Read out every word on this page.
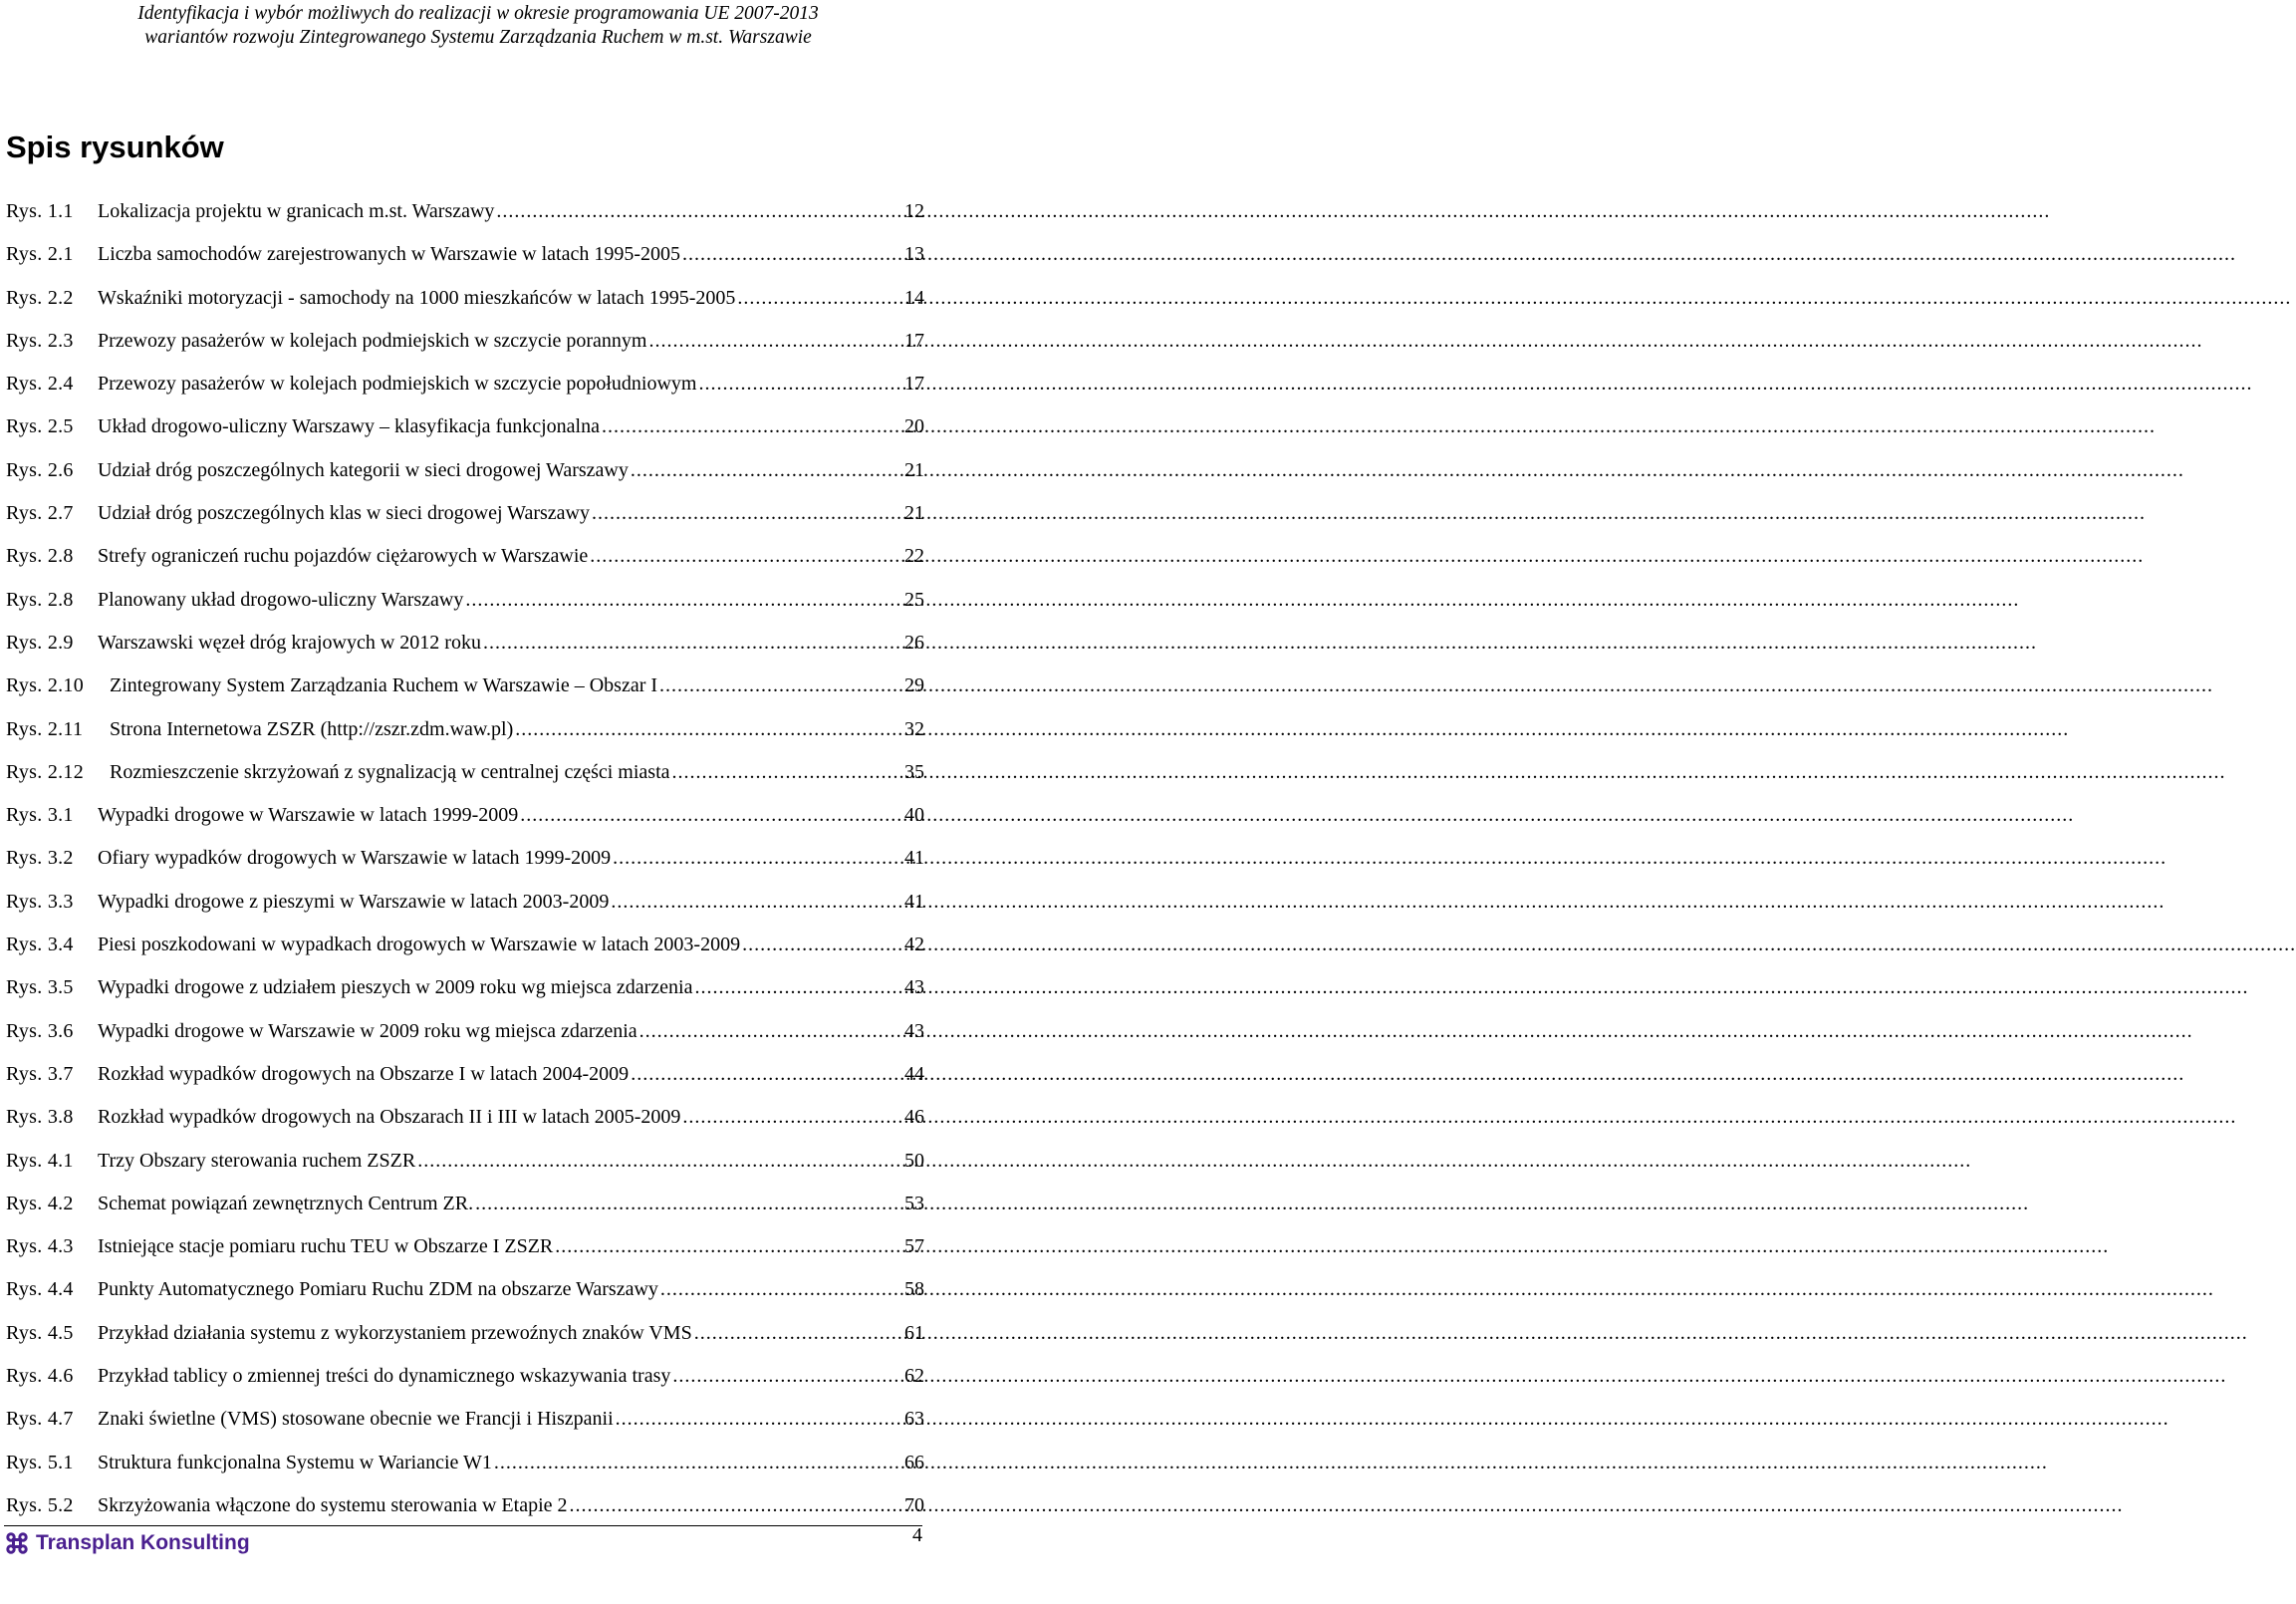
Identyfikacja i wybór możliwych do realizacji w okresie programowania UE 2007-2013
wariantów rozwoju Zintegrowanego Systemu Zarządzania Ruchem w m.st. Warszawie
Spis rysunków
Rys. 1.1	Lokalizacja projektu w granicach m.st. Warszawy .....	12
Rys. 2.1	Liczba samochodów zarejestrowanych w Warszawie w latach 1995-2005 .....	13
Rys. 2.2	Wskaźniki motoryzacji - samochody na 1000 mieszkańców w latach 1995-2005 .....	14
Rys. 2.3	Przewozy pasażerów w kolejach podmiejskich w szczycie porannym .....	17
Rys. 2.4	Przewozy pasażerów w kolejach podmiejskich w szczycie popołudniowym .....	17
Rys. 2.5	Układ drogowo-uliczny Warszawy – klasyfikacja funkcjonalna .....	20
Rys. 2.6	Udział dróg poszczególnych kategorii w sieci drogowej Warszawy .....	21
Rys. 2.7	Udział dróg poszczególnych klas w sieci drogowej Warszawy .....	21
Rys. 2.8	Strefy ograniczeń ruchu pojazdów ciężarowych w Warszawie .....	22
Rys. 2.8	Planowany układ drogowo-uliczny Warszawy .....	25
Rys. 2.9	Warszawski węzeł dróg krajowych w 2012 roku .....	26
Rys. 2.10	Zintegrowany System Zarządzania Ruchem w Warszawie – Obszar I .....	29
Rys. 2.11	Strona Internetowa ZSZR (http://zszr.zdm.waw.pl) .....	32
Rys. 2.12	Rozmieszczenie skrzyżowań z sygnalizacją w centralnej części miasta .....	35
Rys. 3.1	Wypadki drogowe w Warszawie w latach 1999-2009 .....	40
Rys. 3.2	Ofiary wypadków drogowych w Warszawie w latach 1999-2009 .....	41
Rys. 3.3	Wypadki drogowe z pieszymi w Warszawie w latach 2003-2009 .....	41
Rys. 3.4	Piesi poszkodowani w wypadkach drogowych w Warszawie w latach 2003-2009 .....	42
Rys. 3.5	Wypadki drogowe z udziałem pieszych w 2009 roku wg miejsca zdarzenia .....	43
Rys. 3.6	Wypadki drogowe w Warszawie w 2009 roku wg miejsca zdarzenia .....	43
Rys. 3.7	Rozkład wypadków drogowych na Obszarze I w latach 2004-2009 .....	44
Rys. 3.8	Rozkład wypadków drogowych na Obszarach II i III w latach 2005-2009 .....	46
Rys. 4.1	Trzy Obszary sterowania ruchem ZSZR .....	50
Rys. 4.2	Schemat powiązań zewnętrznych Centrum ZR. .....	53
Rys. 4.3	Istniejące stacje pomiaru ruchu TEU w Obszarze I ZSZR .....	57
Rys. 4.4	Punkty Automatycznego Pomiaru Ruchu ZDM na obszarze Warszawy .....	58
Rys. 4.5	Przykład działania systemu z wykorzystaniem przewoźnych znaków VMS .....	61
Rys. 4.6	Przykład tablicy o zmiennej treści do dynamicznego wskazywania trasy .....	62
Rys. 4.7	Znaki świetlne (VMS) stosowane obecnie we Francji i Hiszpanii .....	63
Rys. 5.1	Struktura funkcjonalna Systemu w Wariancie W1 .....	66
Rys. 5.2	Skrzyżowania włączone do systemu sterowania w Etapie 2 .....	70
Transplan Konsulting	4
